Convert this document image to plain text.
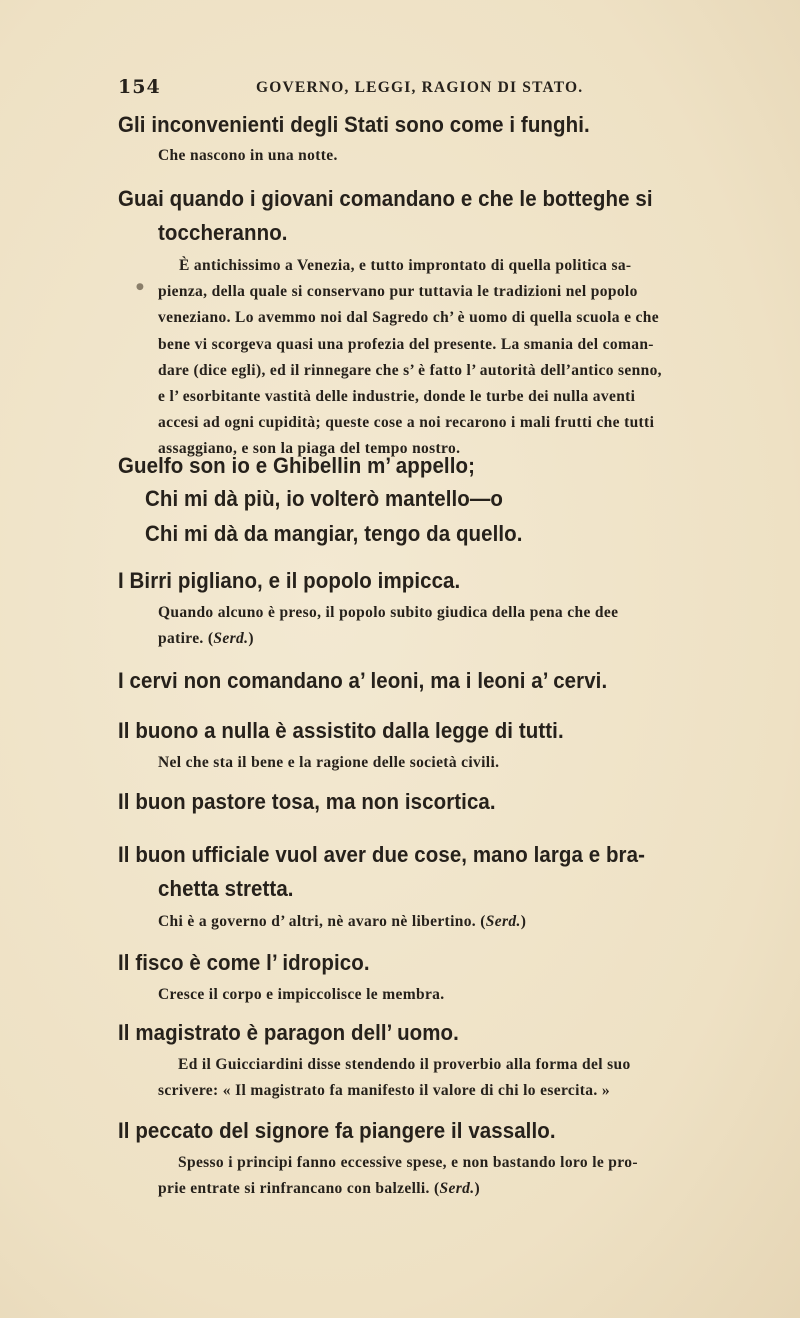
154	GOVERNO, LEGGI, RAGION DI STATO.
Gli inconvenienti degli Stati sono come i funghi.
Che nascono in una notte.
Guai quando i giovani comandano e che le botteghe si
toccheranno.
È antichissimo a Venezia, e tutto improntato di quella politica sa-
pienza, della quale si conservano pur tuttavia le tradizioni nel popolo
veneziano. Lo avemmo noi dal Sagredo ch’ è uomo di quella scuola e che
bene vi scorgeva quasi una profezia del presente. La smania del coman-
dare (dice egli), ed il rinnegare che s’ è fatto l’ autorità dell’antico senno,
e l’ esorbitante vastità delle industrie, donde le turbe dei nulla aventi
accesi ad ogni cupidità; queste cose a noi recarono i mali frutti che tutti
assaggiano, e son la piaga del tempo nostro.
Guelfo son io e Ghibellin m’ appello;
Chi mi dà più, io volterò mantello—o
Chi mi dà da mangiar, tengo da quello.
I Birri pigliano, e il popolo impicca.
Quando alcuno è preso, il popolo subito giudica della pena che dee
patire. (Serd.)
I cervi non comandano a’ leoni, ma i leoni a’ cervi.
Il buono a nulla è assistito dalla legge di tutti.
Nel che sta il bene e la ragione delle società civili.
Il buon pastore tosa, ma non iscortica.
Il buon ufficiale vuol aver due cose, mano larga e bra-
chetta stretta.
Chi è a governo d’ altri, nè avaro nè libertino. (Serd.)
Il fisco è come l’ idropico.
Cresce il corpo e impiccolisce le membra.
Il magistrato è paragon dell’ uomo.
Ed il Guicciardini disse stendendo il proverbio alla forma del suo
scrivere: « Il magistrato fa manifesto il valore di chi lo esercita. »
Il peccato del signore fa piangere il vassallo.
Spesso i principi fanno eccessive spese, e non bastando loro le pro-
prie entrate si rinfrancano con balzelli. (Serd.)
●
